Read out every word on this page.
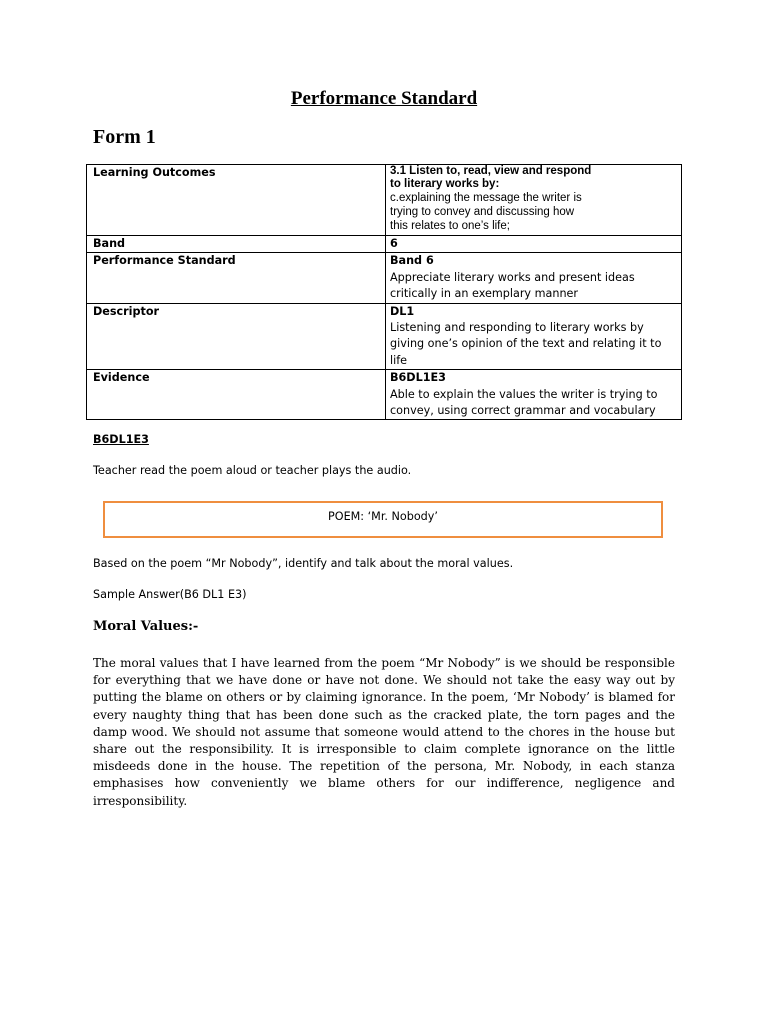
Performance Standard
Form 1
Learning Outcomes	3.1 Listen to, read, view and respond
to literary works by:
c.explaining the message the writer is
trying to convey and discussing how
this relates to one’s life;

Band	6
Performance Standard	Band 6
Appreciate literary works and present ideas critically in an exemplary manner

Descriptor	DL1
Listening and responding to literary works by giving one’s opinion of the text and relating it to life

Evidence	B6DL1E3
Able to explain the values the writer is trying to convey, using correct grammar and vocabulary
B6DL1E3
Teacher read the poem aloud or teacher plays the audio.
POEM: ‘Mr. Nobody’
Based on the poem “Mr Nobody”, identify and talk about the moral values.
Sample Answer(B6 DL1 E3)
Moral Values:-
The moral values that I have learned from the poem “Mr Nobody” is we should be responsible for everything that we have done or have not done. We should not take the easy way out by putting the blame on others or by claiming ignorance. In the poem, ‘Mr Nobody’ is blamed for every naughty thing that has been done such as the cracked plate, the torn pages and the damp wood. We should not assume that someone would attend to the chores in the house but share out the responsibility. It is irresponsible to claim complete ignorance on the little misdeeds done in the house. The repetition of the persona, Mr. Nobody, in each stanza emphasises how conveniently we blame others for our indifference, negligence and irresponsibility.
